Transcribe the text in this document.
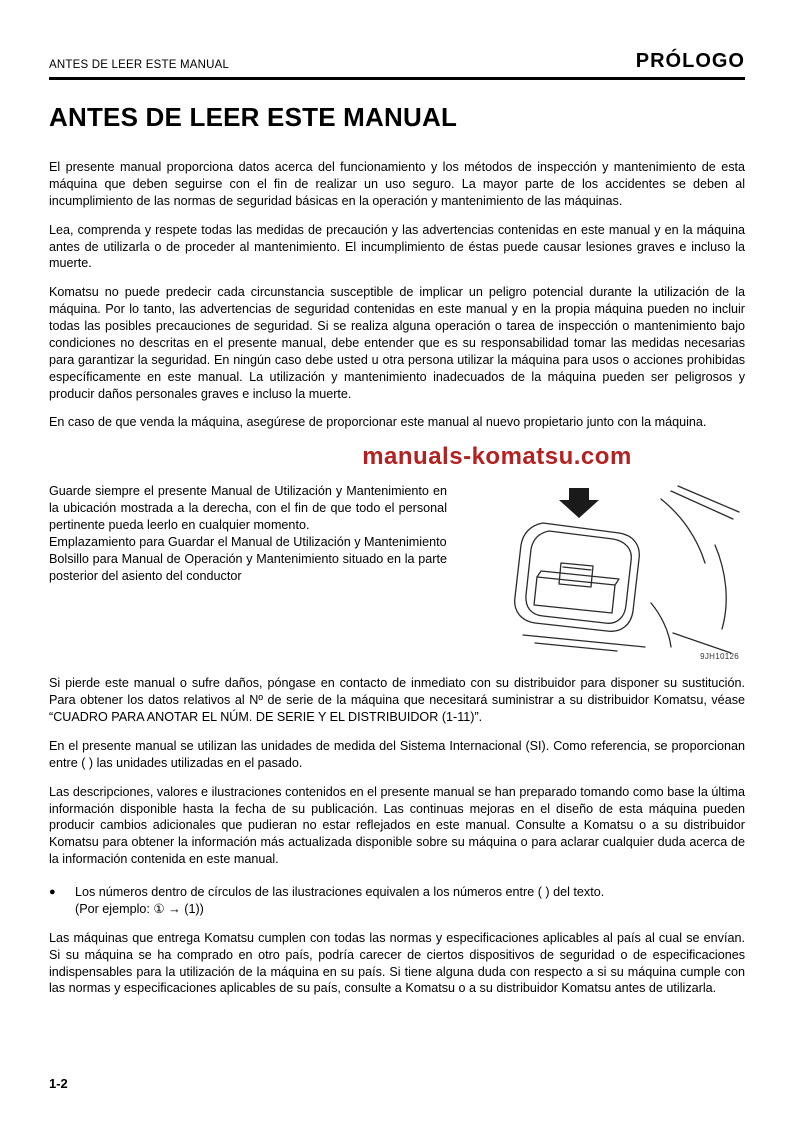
ANTES DE LEER ESTE MANUAL	PRÓLOGO
ANTES DE LEER ESTE MANUAL

El presente manual proporciona datos acerca del funcionamiento y los métodos de inspección y mantenimiento de esta máquina que deben seguirse con el fin de realizar un uso seguro. La mayor parte de los accidentes se deben al incumplimiento de las normas de seguridad básicas en la operación y mantenimiento de las máquinas.

Lea, comprenda y respete todas las medidas de precaución y las advertencias contenidas en este manual y en la máquina antes de utilizarla o de proceder al mantenimiento. El incumplimiento de éstas puede causar lesiones graves e incluso la muerte.

Komatsu no puede predecir cada circunstancia susceptible de implicar un peligro potencial durante la utilización de la máquina. Por lo tanto, las advertencias de seguridad contenidas en este manual y en la propia máquina pueden no incluir todas las posibles precauciones de seguridad. Si se realiza alguna operación o tarea de inspección o mantenimiento bajo condiciones no descritas en el presente manual, debe entender que es su responsabilidad tomar las medidas necesarias para garantizar la seguridad. En ningún caso debe usted u otra persona utilizar la máquina para usos o acciones prohibidas específicamente en este manual. La utilización y mantenimiento inadecuados de la máquina pueden ser peligrosos y producir daños personales graves e incluso la muerte.

En caso de que venda la máquina, asegúrese de proporcionar este manual al nuevo propietario junto con la máquina.

manuals-komatsu.com

Guarde siempre el presente Manual de Utilización y Mantenimiento en la ubicación mostrada a la derecha, con el fin de que todo el personal pertinente pueda leerlo en cualquier momento.

Emplazamiento para Guardar el Manual de Utilización y Mantenimiento

Bolsillo para Manual de Operación y Mantenimiento situado en la parte posterior del asiento del conductor

9JH10126

Si pierde este manual o sufre daños, póngase en contacto de inmediato con su distribuidor para disponer su sustitución. Para obtener los datos relativos al Nº de serie de la máquina que necesitará suministrar a su distribuidor Komatsu, véase “CUADRO PARA ANOTAR EL NÚM. DE SERIE Y EL DISTRIBUIDOR (1-11)”.

En el presente manual se utilizan las unidades de medida del Sistema Internacional (SI). Como referencia, se proporcionan entre ( ) las unidades utilizadas en el pasado.

Las descripciones, valores e ilustraciones contenidos en el presente manual se han preparado tomando como base la última información disponible hasta la fecha de su publicación. Las continuas mejoras en el diseño de esta máquina pueden producir cambios adicionales que pudieran no estar reflejados en este manual. Consulte a Komatsu o a su distribuidor Komatsu para obtener la información más actualizada disponible sobre su máquina o para aclarar cualquier duda acerca de la información contenida en este manual.

●	Los números dentro de círculos de las ilustraciones equivalen a los números entre ( ) del texto.
(Por ejemplo: ① → (1))

Las máquinas que entrega Komatsu cumplen con todas las normas y especificaciones aplicables al país al cual se envían. Si su máquina se ha comprado en otro país, podría carecer de ciertos dispositivos de seguridad o de especificaciones indispensables para la utilización de la máquina en su país. Si tiene alguna duda con respecto a si su máquina cumple con las normas y especificaciones aplicables de su país, consulte a Komatsu o a su distribuidor Komatsu antes de utilizarla.

1-2
